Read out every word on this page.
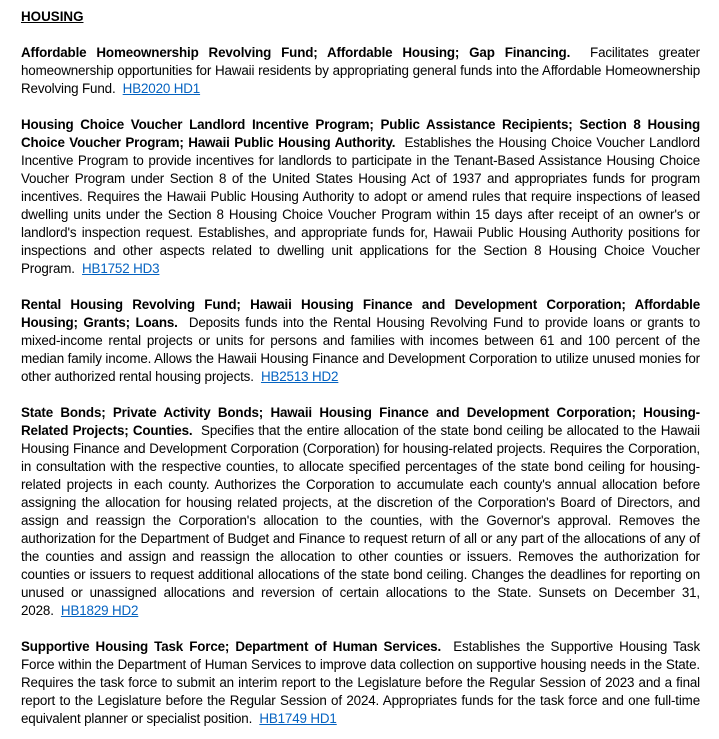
HOUSING

Affordable Homeownership Revolving Fund; Affordable Housing; Gap Financing. Facilitates greater homeownership opportunities for Hawaii residents by appropriating general funds into the Affordable Homeownership Revolving Fund. HB2020 HD1

Housing Choice Voucher Landlord Incentive Program; Public Assistance Recipients; Section 8 Housing Choice Voucher Program; Hawaii Public Housing Authority. Establishes the Housing Choice Voucher Landlord Incentive Program to provide incentives for landlords to participate in the Tenant-Based Assistance Housing Choice Voucher Program under Section 8 of the United States Housing Act of 1937 and appropriates funds for program incentives. Requires the Hawaii Public Housing Authority to adopt or amend rules that require inspections of leased dwelling units under the Section 8 Housing Choice Voucher Program within 15 days after receipt of an owner's or landlord's inspection request. Establishes, and appropriate funds for, Hawaii Public Housing Authority positions for inspections and other aspects related to dwelling unit applications for the Section 8 Housing Choice Voucher Program. HB1752 HD3

Rental Housing Revolving Fund; Hawaii Housing Finance and Development Corporation; Affordable Housing; Grants; Loans. Deposits funds into the Rental Housing Revolving Fund to provide loans or grants to mixed-income rental projects or units for persons and families with incomes between 61 and 100 percent of the median family income. Allows the Hawaii Housing Finance and Development Corporation to utilize unused monies for other authorized rental housing projects. HB2513 HD2

State Bonds; Private Activity Bonds; Hawaii Housing Finance and Development Corporation; Housing-Related Projects; Counties. Specifies that the entire allocation of the state bond ceiling be allocated to the Hawaii Housing Finance and Development Corporation (Corporation) for housing-related projects. Requires the Corporation, in consultation with the respective counties, to allocate specified percentages of the state bond ceiling for housing-related projects in each county. Authorizes the Corporation to accumulate each county's annual allocation before assigning the allocation for housing related projects, at the discretion of the Corporation's Board of Directors, and assign and reassign the Corporation's allocation to the counties, with the Governor's approval. Removes the authorization for the Department of Budget and Finance to request return of all or any part of the allocations of any of the counties and assign and reassign the allocation to other counties or issuers. Removes the authorization for counties or issuers to request additional allocations of the state bond ceiling. Changes the deadlines for reporting on unused or unassigned allocations and reversion of certain allocations to the State. Sunsets on December 31, 2028. HB1829 HD2

Supportive Housing Task Force; Department of Human Services. Establishes the Supportive Housing Task Force within the Department of Human Services to improve data collection on supportive housing needs in the State. Requires the task force to submit an interim report to the Legislature before the Regular Session of 2023 and a final report to the Legislature before the Regular Session of 2024. Appropriates funds for the task force and one full-time equivalent planner or specialist position. HB1749 HD1
